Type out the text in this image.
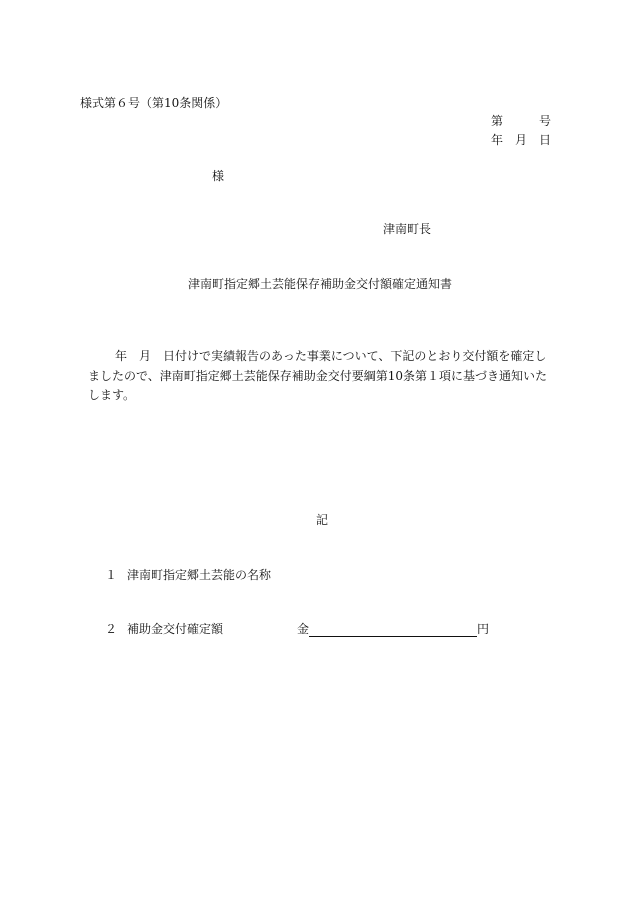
様式第６号（第10条関係）
第　　　号
年　月　日
様
津南町長
津南町指定郷土芸能保存補助金交付額確定通知書
年　月　日付けで実績報告のあった事業について、下記のとおり交付額を確定し
ましたので、津南町指定郷土芸能保存補助金交付要綱第10条第１項に基づき通知いた
します。
記
１ 津南町指定郷土芸能の名称
２ 補助金交付確定額	金	円
